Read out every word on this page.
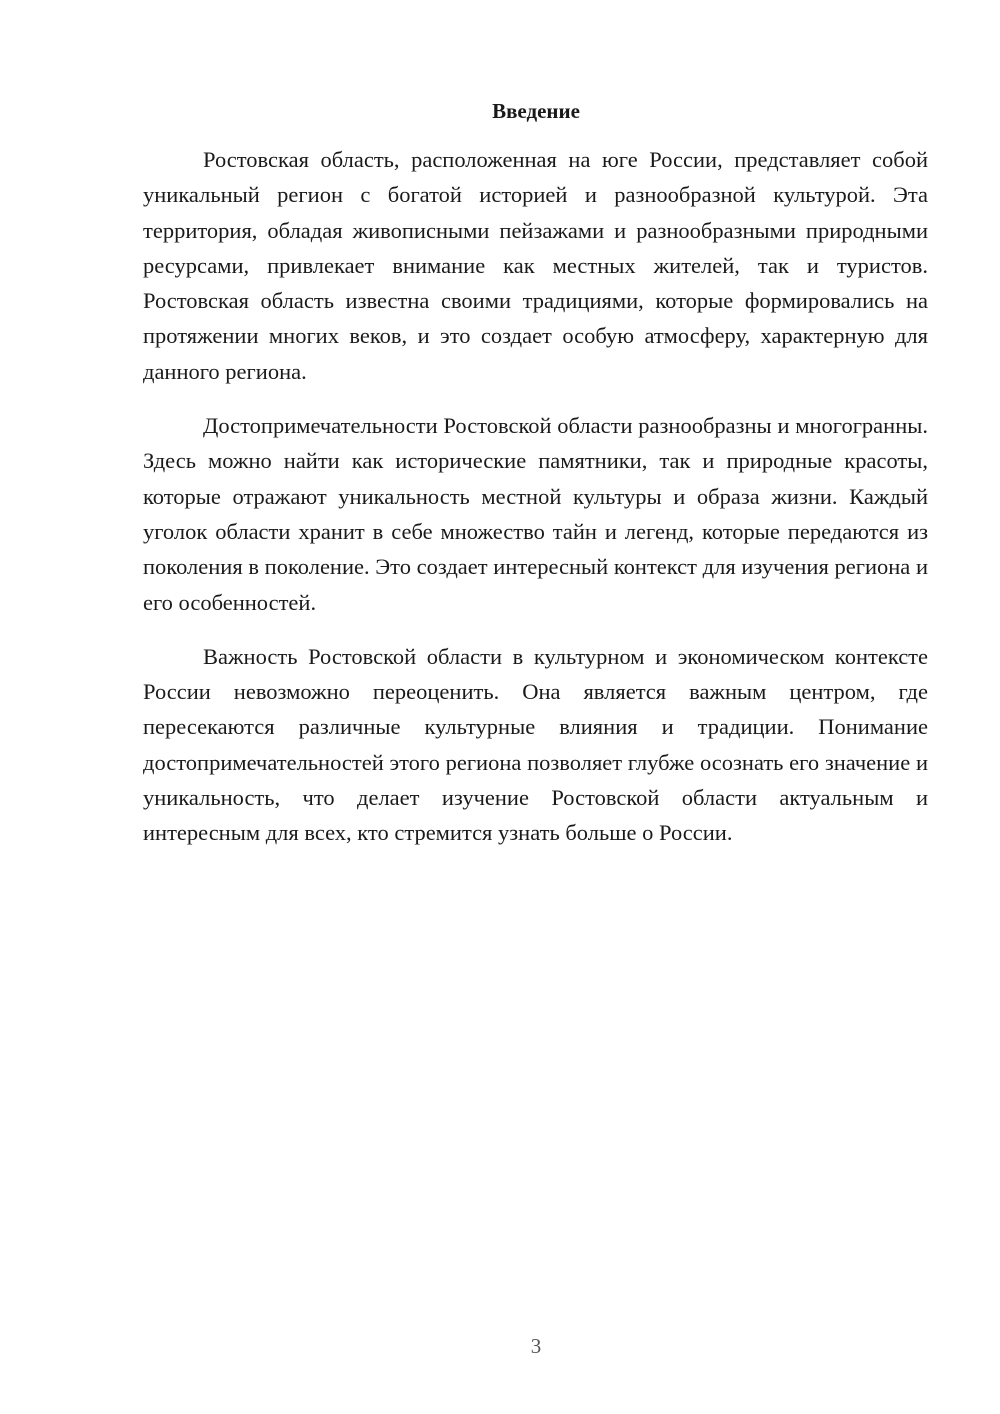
Введение

Ростовская область, расположенная на юге России, представляет собой уникальный регион с богатой историей и разнообразной культурой. Эта территория, обладая живописными пейзажами и разнообразными природными ресурсами, привлекает внимание как местных жителей, так и туристов. Ростовская область известна своими традициями, которые формировались на протяжении многих веков, и это создает особую атмосферу, характерную для данного региона.

Достопримечательности Ростовской области разнообразны и многогранны. Здесь можно найти как исторические памятники, так и природные красоты, которые отражают уникальность местной культуры и образа жизни. Каждый уголок области хранит в себе множество тайн и легенд, которые передаются из поколения в поколение. Это создает интересный контекст для изучения региона и его особенностей.

Важность Ростовской области в культурном и экономическом контексте России невозможно переоценить. Она является важным центром, где пересекаются различные культурные влияния и традиции. Понимание достопримечательностей этого региона позволяет глубже осознать его значение и уникальность, что делает изучение Ростовской области актуальным и интересным для всех, кто стремится узнать больше о России.

3
